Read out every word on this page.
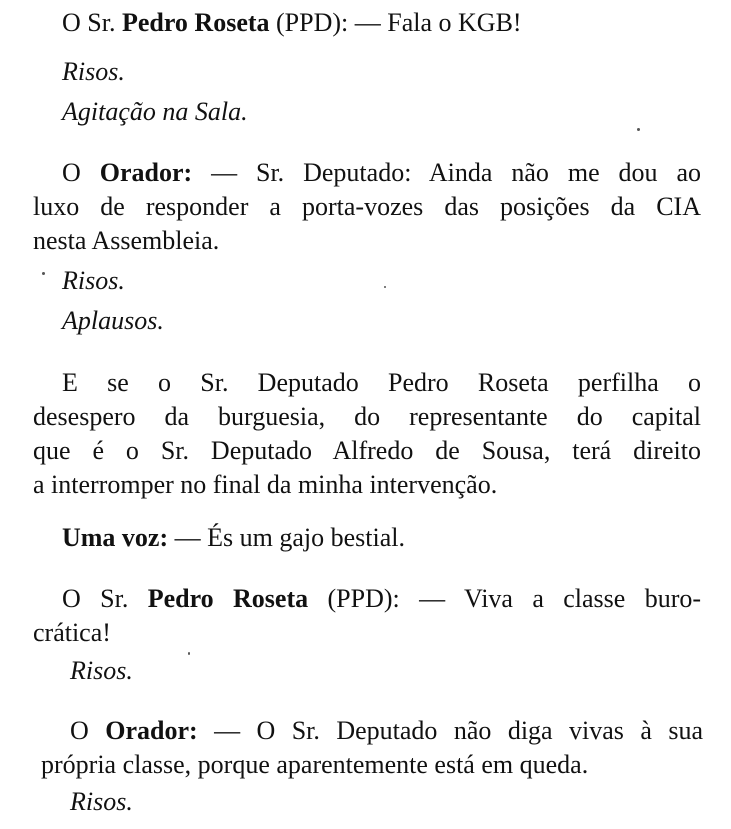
O Sr. Pedro Roseta (PPD): — Fala o KGB!

Risos.

Agitação na Sala.

O Orador: — Sr. Deputado: Ainda não me dou ao
luxo de responder a porta-vozes das posições da CIA
nesta Assembleia.

Risos.

Aplausos.

E se o Sr. Deputado Pedro Roseta perfilha o
desespero da burguesia, do representante do capital
que é o Sr. Deputado Alfredo de Sousa, terá direito
a interromper no final da minha intervenção.

Uma voz: — És um gajo bestial.

O Sr. Pedro Roseta (PPD): — Viva a classe buro-
crática!

Risos.

O Orador: — O Sr. Deputado não diga vivas à sua
própria classe, porque aparentemente está em queda.

Risos.
